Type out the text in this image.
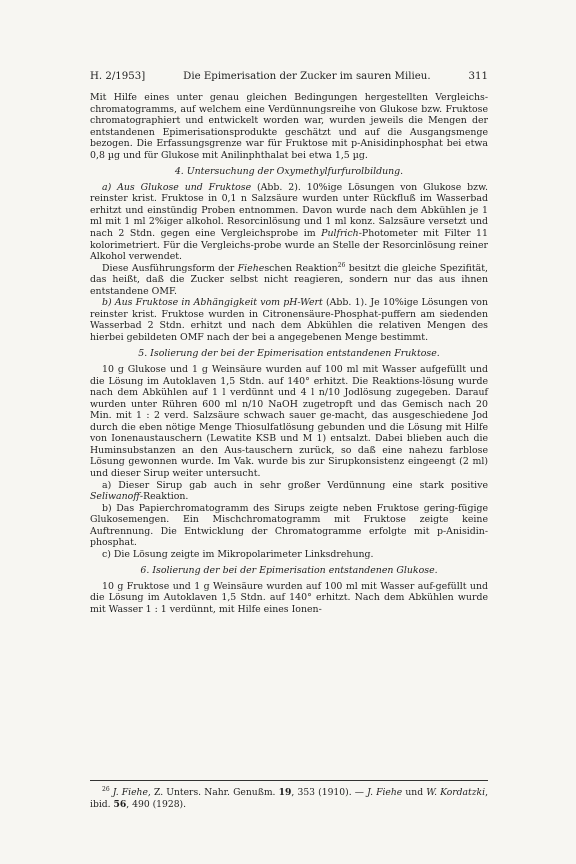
H. 2/1953]	Die Epimerisation der Zucker im sauren Milieu.	311

Mit Hilfe eines unter genau gleichen Bedingungen hergestellten Vergleichs-chromatogramms, auf welchem eine Verdünnungsreihe von Glukose bzw. Fruktose chromatographiert und entwickelt worden war, wurden jeweils die Mengen der entstandenen Epimerisationsprodukte geschätzt und auf die Ausgangsmenge bezogen. Die Erfassungsgrenze war für Fruktose mit p-Anisidinphosphat bei etwa 0,8 µg und für Glukose mit Anilinphthalat bei etwa 1,5 µg.

4. Untersuchung der Oxymethylfurfurolbildung.

a) Aus Glukose und Fruktose (Abb. 2). 10%ige Lösungen von Glukose bzw. reinster krist. Fruktose in 0,1 n Salzsäure wurden unter Rückfluß im Wasserbad erhitzt und einstündig Proben entnommen. Davon wurde nach dem Abkühlen je 1 ml mit 1 ml 2%iger alkohol. Resorcinlösung und 1 ml konz. Salzsäure versetzt und nach 2 Stdn. gegen eine Vergleichsprobe im Pulfrich-Photometer mit Filter 11 kolorimetriert. Für die Vergleichs-probe wurde an Stelle der Resorcinlösung reiner Alkohol verwendet.

Diese Ausführungsform der Fieheschen Reaktion$^{26}$ besitzt die gleiche Spezifität, das heißt, daß die Zucker selbst nicht reagieren, sondern nur das aus ihnen entstandene OMF.

b) Aus Fruktose in Abhängigkeit vom pH-Wert (Abb. 1). Je 10%ige Lösungen von reinster krist. Fruktose wurden in Citronensäure-Phosphat-puffern am siedenden Wasserbad 2 Stdn. erhitzt und nach dem Abkühlen die relativen Mengen des hierbei gebildeten OMF nach der bei a angegebenen Menge bestimmt.

5. Isolierung der bei der Epimerisation entstandenen Fruktose.

10 g Glukose und 1 g Weinsäure wurden auf 100 ml mit Wasser aufgefüllt und die Lösung im Autoklaven 1,5 Stdn. auf 140° erhitzt. Die Reaktions-lösung wurde nach dem Abkühlen auf 1 l verdünnt und 4 l n/10 Jodlösung zugegeben. Darauf wurden unter Rühren 600 ml n/10 NaOH zugetropft und das Gemisch nach 20 Min. mit 1 : 2 verd. Salzsäure schwach sauer ge-macht, das ausgeschiedene Jod durch die eben nötige Menge Thiosulfatlösung gebunden und die Lösung mit Hilfe von Ionenaustauschern (Lewatite KSB und M 1) entsalzt. Dabei blieben auch die Huminsubstanzen an den Aus-tauschern zurück, so daß eine nahezu farblose Lösung gewonnen wurde. Im Vak. wurde bis zur Sirupkonsistenz eingeengt (2 ml) und dieser Sirup weiter untersucht.

a) Dieser Sirup gab auch in sehr großer Verdünnung eine stark positive Seliwanoff-Reaktion.

b) Das Papierchromatogramm des Sirups zeigte neben Fruktose gering-fügige Glukosemengen. Ein Mischchromatogramm mit Fruktose zeigte keine Auftrennung. Die Entwicklung der Chromatogramme erfolgte mit p-Anisidin-phosphat.

c) Die Lösung zeigte im Mikropolarimeter Linksdrehung.

6. Isolierung der bei der Epimerisation entstandenen Glukose.

10 g Fruktose und 1 g Weinsäure wurden auf 100 ml mit Wasser auf-gefüllt und die Lösung im Autoklaven 1,5 Stdn. auf 140° erhitzt. Nach dem Abkühlen wurde mit Wasser 1 : 1 verdünnt, mit Hilfe eines Ionen-

$^{26}$ J. Fiehe, Z. Unters. Nahr. Genußm. 19, 353 (1910). — J. Fiehe und W. Kordatzki, ibid. 56, 490 (1928).
